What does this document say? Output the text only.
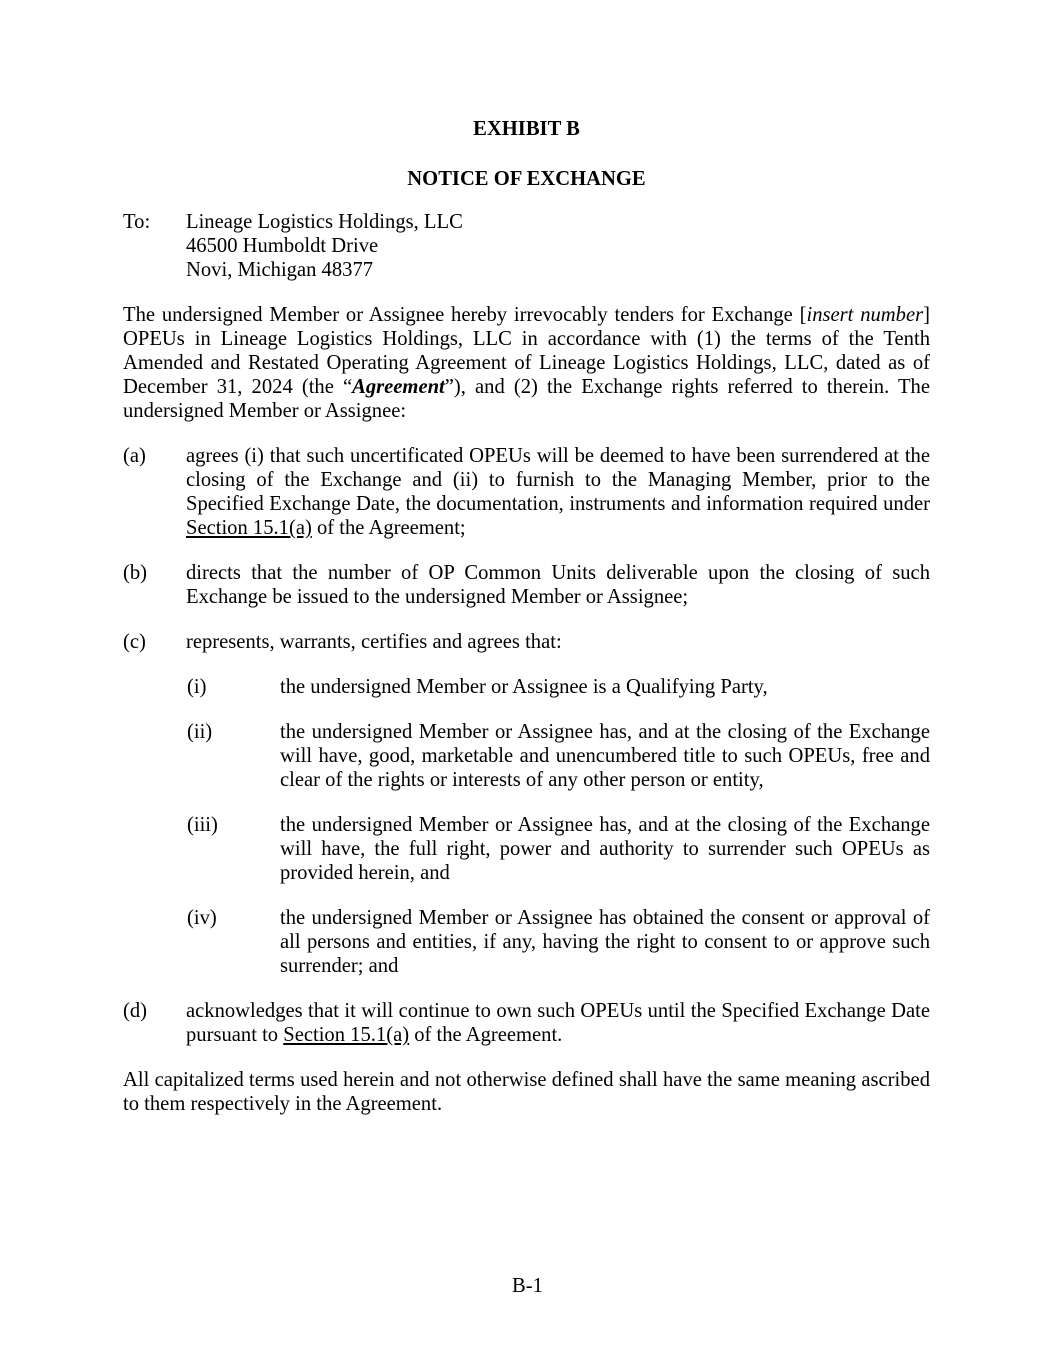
EXHIBIT B
NOTICE OF EXCHANGE
To:	Lineage Logistics Holdings, LLC
46500 Humboldt Drive
Novi, Michigan 48377
The undersigned Member or Assignee hereby irrevocably tenders for Exchange [insert number] OPEUs in Lineage Logistics Holdings, LLC in accordance with (1) the terms of the Tenth Amended and Restated Operating Agreement of Lineage Logistics Holdings, LLC, dated as of December 31, 2024 (the “Agreement”), and (2) the Exchange rights referred to therein. The undersigned Member or Assignee:
(a)	agrees (i) that such uncertificated OPEUs will be deemed to have been surrendered at the closing of the Exchange and (ii) to furnish to the Managing Member, prior to the Specified Exchange Date, the documentation, instruments and information required under Section 15.1(a) of the Agreement;
(b)	directs that the number of OP Common Units deliverable upon the closing of such Exchange be issued to the undersigned Member or Assignee;
(c)	represents, warrants, certifies and agrees that:
(i)	the undersigned Member or Assignee is a Qualifying Party,
(ii)	the undersigned Member or Assignee has, and at the closing of the Exchange will have, good, marketable and unencumbered title to such OPEUs, free and clear of the rights or interests of any other person or entity,
(iii)	the undersigned Member or Assignee has, and at the closing of the Exchange will have, the full right, power and authority to surrender such OPEUs as provided herein, and
(iv)	the undersigned Member or Assignee has obtained the consent or approval of all persons and entities, if any, having the right to consent to or approve such surrender; and
(d)	acknowledges that it will continue to own such OPEUs until the Specified Exchange Date pursuant to Section 15.1(a) of the Agreement.
All capitalized terms used herein and not otherwise defined shall have the same meaning ascribed to them respectively in the Agreement.
B-1
